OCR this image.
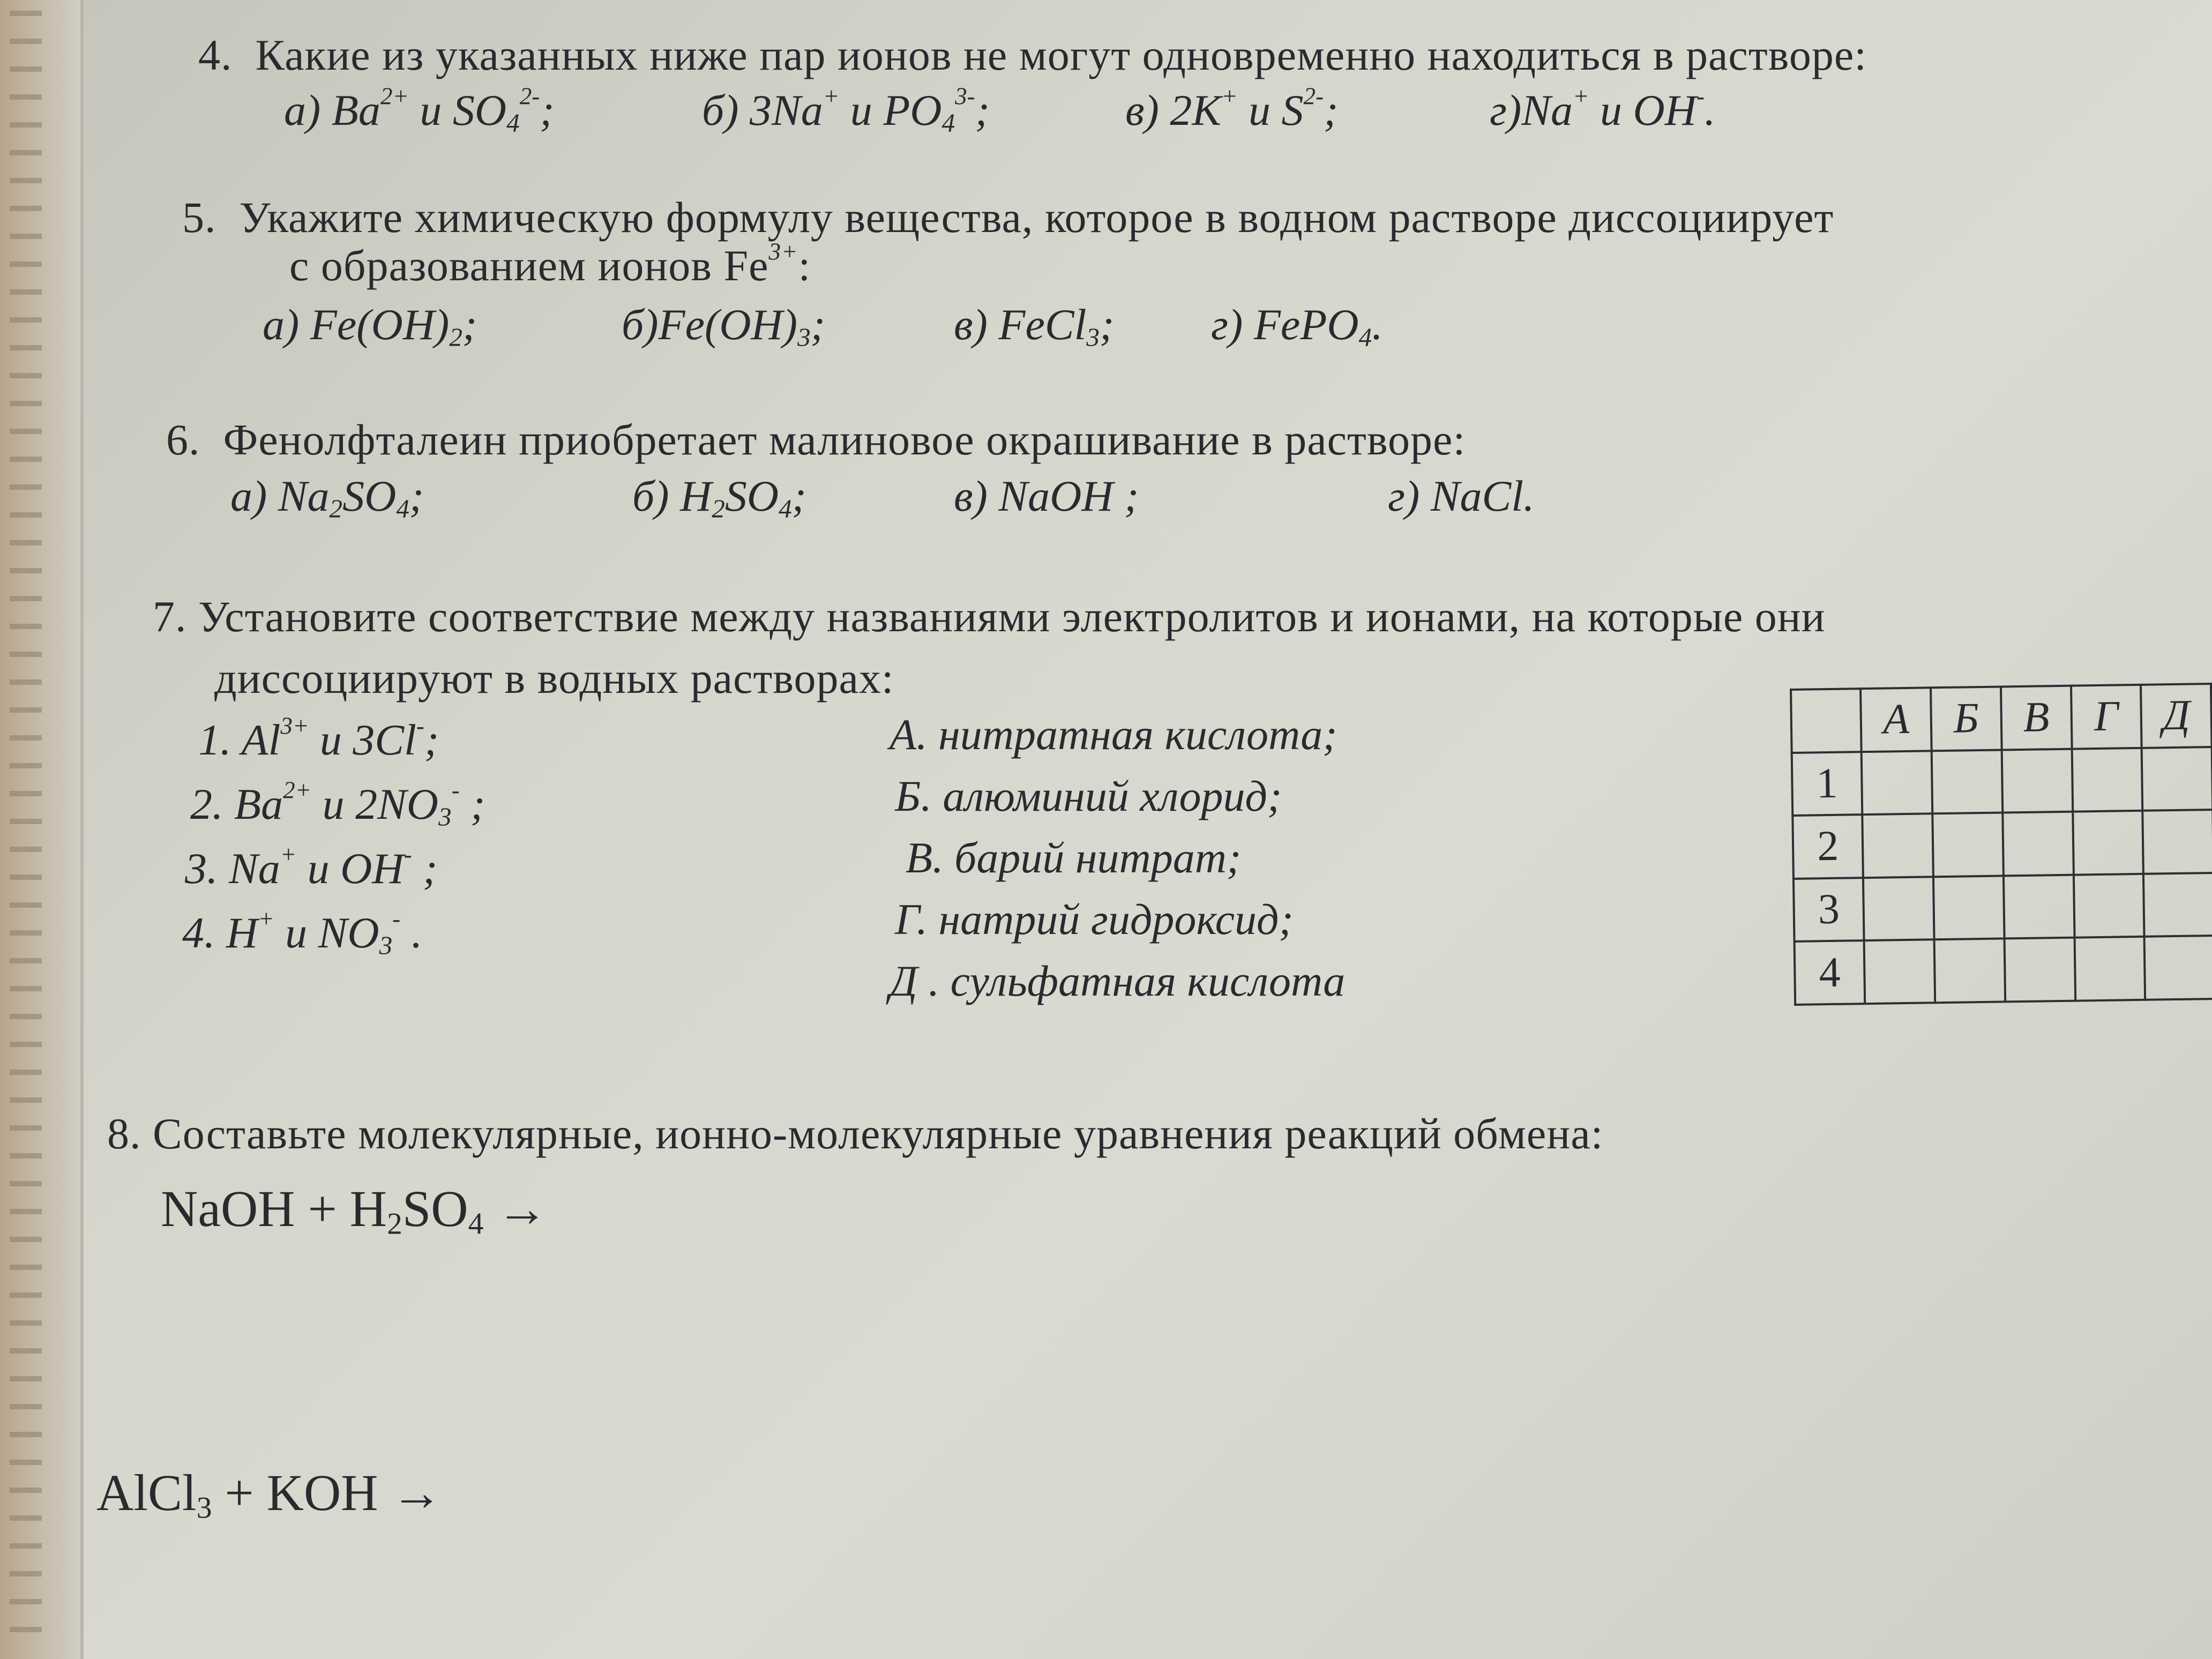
4. Какие из указанных ниже пар ионов не могут одновременно находиться в растворе:
а) $Ba^{2+}$ и $SO_4^{2-}$;	б) 3Na+ и $PO_4^{3-}$;	в) 2K+ и $S^{2-}$;	г)Na+ и OH-.
5. Укажите химическую формулу вещества, которое в водном растворе диссоциирует
с образованием ионов $Fe^{3+}$:
а) $Fe(OH)_2$;	$б)Fe(OH)_3$;	в) FeCl$_3$; г) FePO$_4$.
6. Фенолфталеин приобретает малиновое окрашивание в растворе:
а) $Na_2SO_4$;	б) $H_2SO_4$;	в) NaOH ;	г) NaCl.
7. Установите соответствие между названиями электролитов и ионами, на которые они
диссоциируют в водных растворах:
1. $Al^{3+}$ и 3Cl-;
2. $Ba^{2+}$ и $2NO_3^-$ ;
3. Na+ и OH- ;
4. H+ и $NO_3^-$ .
А. нитратная кислота;
Б. алюминий хлорид;
В. барий нитрат;
Г. натрий гидроксид;
Д . сульфатная кислота
	А	Б	В	Г	Д
1					
2					
3					
4					
8. Составьте молекулярные, ионно-молекулярные уравнения реакций обмена:
NaOH + $H_2SO_4$ →
AlCl$_3$ + KOH →
